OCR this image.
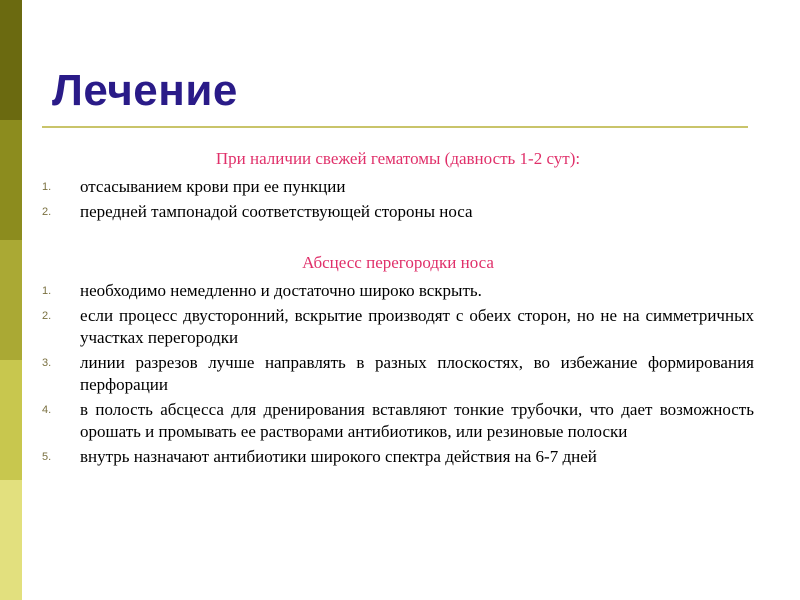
Лечение

При наличии свежей гематомы (давность 1-2 сут):

1.	отсасыванием крови при ее пункции
2.	передней тампонадой соответствующей стороны носа

Абсцесс перегородки носа

1.	необходимо немедленно и достаточно широко вскрыть.
2.	если процесс двусторонний, вскрытие производят с обеих сторон, но не на симметричных участках перегородки
3.	линии разрезов лучше направлять в разных плоскостях, во избежание формирования перфорации
4.	в полость абсцесса для дренирования вставляют тонкие трубочки, что дает возможность орошать и промывать ее растворами антибиотиков, или резиновые полоски
5.	внутрь назначают антибиотики широкого спектра действия на 6-7 дней
